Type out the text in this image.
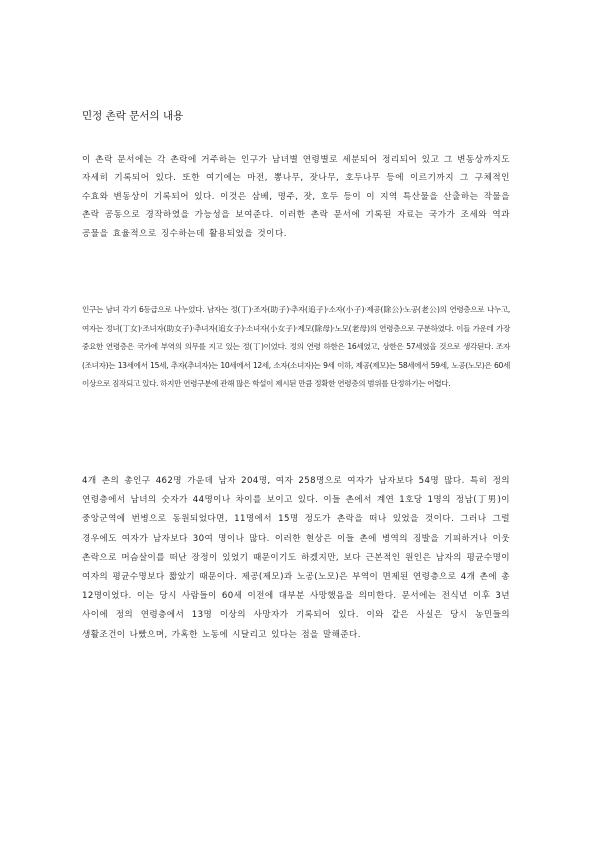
민정 촌락 문서의 내용

이 촌락 문서에는 각 촌락에 거주하는 인구가 남녀별 연령별로 세분되어 정리되어 있고 그 변동상까지도 자세히 기록되어 있다. 또한 여기에는 마전, 뽕나무, 잣나무, 호두나무 등에 이르기까지 그 구체적인 수효와 변동상이 기록되어 있다. 이것은 삼베, 명주, 잣, 호두 등이 이 지역 특산물을 산출하는 작물을 촌락 공동으로 경작하였을 가능성을 보여준다. 이러한 촌락 문서에 기록된 자료는 국가가 조세와 역과 공물을 효율적으로 징수하는데 활용되었을 것이다.

인구는 남녀 각기 6등급으로 나누었다. 남자는 정(丁)·조자(助子)·추자(追子)·소자(小子)·제공(除公)·노공(老公)의 연령층으로 나누고, 여자는 정녀(丁女)·조녀자(助女子)·추녀자(追女子)·소녀자(小女子)·제모(除母)·노모(老母)의 연령층으로 구분하였다. 이들 가운데 가장 중요한 연령층은 국가에 부역의 의무를 지고 있는 정(丁)이었다. 정의 연령 하한은 16세였고, 상한은 57세였을 것으로 생각된다. 조자(조녀자)는 13세에서 15세, 추자(추녀자)는 10세에서 12세, 소자(소녀자)는 9세 이하, 제공(제모)는 58세에서 59세, 노공(노모)은 60세 이상으로 짐작되고 있다. 하지만 연령구분에 관해 많은 학설이 제시된 만큼 정확한 연령층의 범위를 단정하기는 어렵다.

4개 촌의 총인구 462명 가운데 남자 204명, 여자 258명으로 여자가 남자보다 54명 많다. 특히 정의 연령층에서 남녀의 숫자가 44명이나 차이를 보이고 있다. 이들 촌에서 계연 1호당 1명의 정남(丁男)이 중앙군역에 번병으로 동원되었다면, 11명에서 15명 정도가 촌락을 떠나 있었을 것이다. 그러나 그럴 경우에도 여자가 남자보다 30여 명이나 많다. 이러한 현상은 이들 촌에 병역의 징발을 기피하거나 이웃 촌락으로 머슴살이를 떠난 장정이 있었기 때문이기도 하겠지만, 보다 근본적인 원인은 남자의 평균수명이 여자의 평균수명보다 짧았기 때문이다. 제공(제모)과 노공(노모)은 부역이 면제된 연령층으로 4개 촌에 총 12명이었다. 이는 당시 사람들이 60세 이전에 대부분 사망했음을 의미한다. 문서에는 전식년 이후 3년 사이에 정의 연령층에서 13명 이상의 사망자가 기록되어 있다. 이와 같은 사실은 당시 농민들의 생활조건이 나빴으며, 가혹한 노동에 시달리고 있다는 점을 말해준다.
